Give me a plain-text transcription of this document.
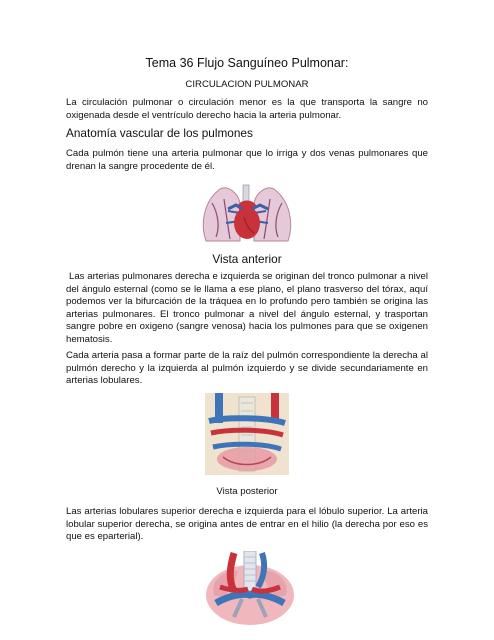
Tema 36 Flujo Sanguíneo Pulmonar:
CIRCULACION PULMONAR
La circulación pulmonar o circulación menor es la que transporta la sangre no oxigenada desde el ventrículo derecho hacia la arteria pulmonar.
Anatomía vascular de los pulmones
Cada pulmón tiene una arteria pulmonar que lo irriga y dos venas pulmonares que drenan la sangre procedente de él.
Vista anterior
Las arterias pulmonares derecha e izquierda se originan del tronco pulmonar a nivel del ángulo esternal (como se le llama a ese plano, el plano trasverso del tórax, aquí podemos ver la bifurcación de la tráquea en lo profundo pero también se origina las arterias pulmonares. El tronco pulmonar a nivel del ángulo esternal, y trasportan sangre pobre en oxigeno (sangre venosa) hacia los pulmones para que se oxigenen hematosis.
Cada arteria pasa a formar parte de la raíz del pulmón correspondiente la derecha al pulmón derecho y la izquierda al pulmón izquierdo y se divide secundariamente en arterias lobulares.
Vista posterior
Las arterias lobulares superior derecha e izquierda para el lóbulo superior. La arteria lobular superior derecha, se origina antes de entrar en el hilio (la derecha por eso es que es eparterial).
